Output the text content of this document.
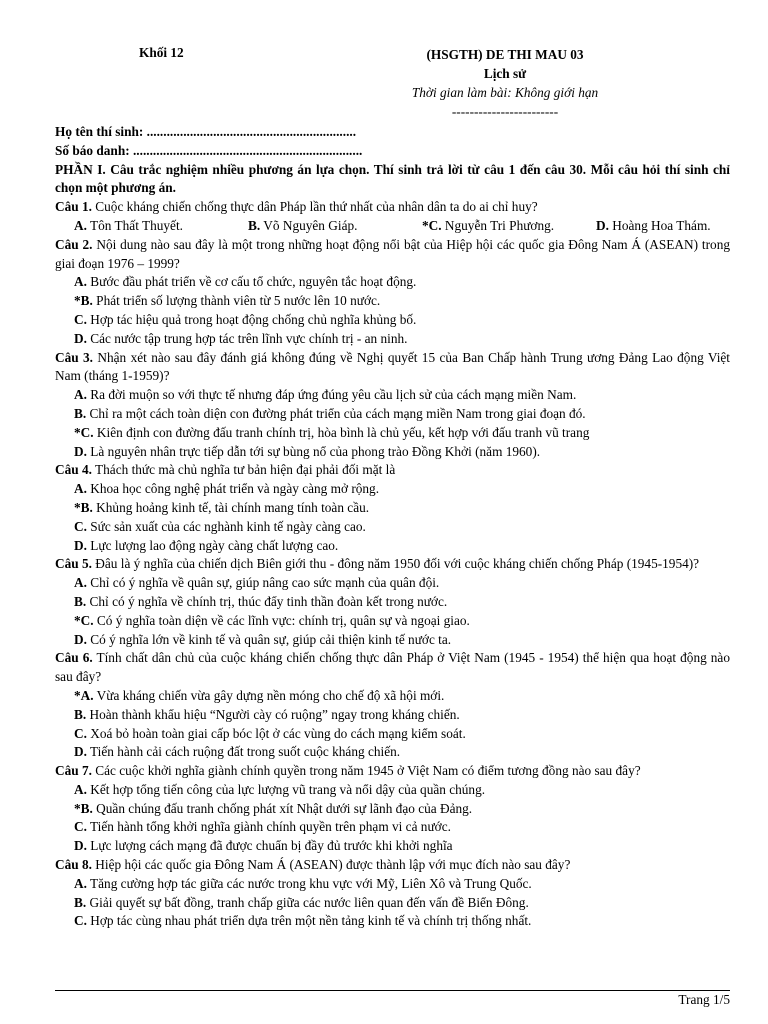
Khối 12	(HSGTH) DE THI MAU 03
Lịch sử
Thời gian làm bài: Không giới hạn
------------------------
Họ tên thí sinh: ...............................................................
Số báo danh: .....................................................................
PHẦN I. Câu trắc nghiệm nhiều phương án lựa chọn. Thí sinh trả lời từ câu 1 đến câu 30. Mỗi câu hỏi thí sinh chỉ chọn một phương án.
Câu 1. Cuộc kháng chiến chống thực dân Pháp lần thứ nhất của nhân dân ta do ai chỉ huy?
A. Tôn Thất Thuyết.	B. Võ Nguyên Giáp.	*C. Nguyễn Tri Phương.	D. Hoàng Hoa Thám.
Câu 2. Nội dung nào sau đây là một trong những hoạt động nổi bật của Hiệp hội các quốc gia Đông Nam Á (ASEAN) trong giai đoạn 1976 – 1999?
A. Bước đầu phát triển về cơ cấu tổ chức, nguyên tắc hoạt động.
*B. Phát triển số lượng thành viên từ 5 nước lên 10 nước.
C. Hợp tác hiệu quả trong hoạt động chống chủ nghĩa khủng bố.
D. Các nước tập trung hợp tác trên lĩnh vực chính trị - an ninh.
Câu 3. Nhận xét nào sau đây đánh giá không đúng về Nghị quyết 15 của Ban Chấp hành Trung ương Đảng Lao động Việt Nam (tháng 1-1959)?
A. Ra đời muộn so với thực tế nhưng đáp ứng đúng yêu cầu lịch sử của cách mạng miền Nam.
B. Chỉ ra một cách toàn diện con đường phát triển của cách mạng miền Nam trong giai đoạn đó.
*C. Kiên định con đường đấu tranh chính trị, hòa bình là chủ yếu, kết hợp với đấu tranh vũ trang
D. Là nguyên nhân trực tiếp dẫn tới sự bùng nổ của phong trào Đồng Khởi (năm 1960).
Câu 4. Thách thức mà chủ nghĩa tư bản hiện đại phải đối mặt là
A. Khoa học công nghệ phát triển và ngày càng mở rộng.
*B. Khủng hoảng kinh tế, tài chính mang tính toàn cầu.
C. Sức sản xuất của các nghành kinh tế ngày càng cao.
D. Lực lượng lao động ngày càng chất lượng cao.
Câu 5. Đâu là ý nghĩa của chiến dịch Biên giới thu - đông năm 1950 đối với cuộc kháng chiến chống Pháp (1945-1954)?
A. Chỉ có ý nghĩa về quân sự, giúp nâng cao sức mạnh của quân đội.
B. Chỉ có ý nghĩa về chính trị, thúc đẩy tinh thần đoàn kết trong nước.
*C. Có ý nghĩa toàn diện về các lĩnh vực: chính trị, quân sự và ngoại giao.
D. Có ý nghĩa lớn về kinh tế và quân sự, giúp cải thiện kinh tế nước ta.
Câu 6. Tính chất dân chủ của cuộc kháng chiến chống thực dân Pháp ở Việt Nam (1945 - 1954) thể hiện qua hoạt động nào sau đây?
*A. Vừa kháng chiến vừa gây dựng nền móng cho chế độ xã hội mới.
B. Hoàn thành khẩu hiệu “Người cày có ruộng” ngay trong kháng chiến.
C. Xoá bỏ hoàn toàn giai cấp bóc lột ở các vùng do cách mạng kiểm soát.
D. Tiến hành cải cách ruộng đất trong suốt cuộc kháng chiến.
Câu 7. Các cuộc khởi nghĩa giành chính quyền trong năm 1945 ở Việt Nam có điểm tương đồng nào sau đây?
A. Kết hợp tổng tiến công của lực lượng vũ trang và nổi dậy của quần chúng.
*B. Quần chúng đấu tranh chống phát xít Nhật dưới sự lãnh đạo của Đảng.
C. Tiến hành tổng khởi nghĩa giành chính quyền trên phạm vi cả nước.
D. Lực lượng cách mạng đã được chuẩn bị đầy đủ trước khi khởi nghĩa
Câu 8. Hiệp hội các quốc gia Đông Nam Á (ASEAN) được thành lập với mục đích nào sau đây?
A. Tăng cường hợp tác giữa các nước trong khu vực với Mỹ, Liên Xô và Trung Quốc.
B. Giải quyết sự bất đồng, tranh chấp giữa các nước liên quan đến vấn đề Biển Đông.
C. Hợp tác cùng nhau phát triển dựa trên một nền tảng kinh tế và chính trị thống nhất.
Trang 1/5
